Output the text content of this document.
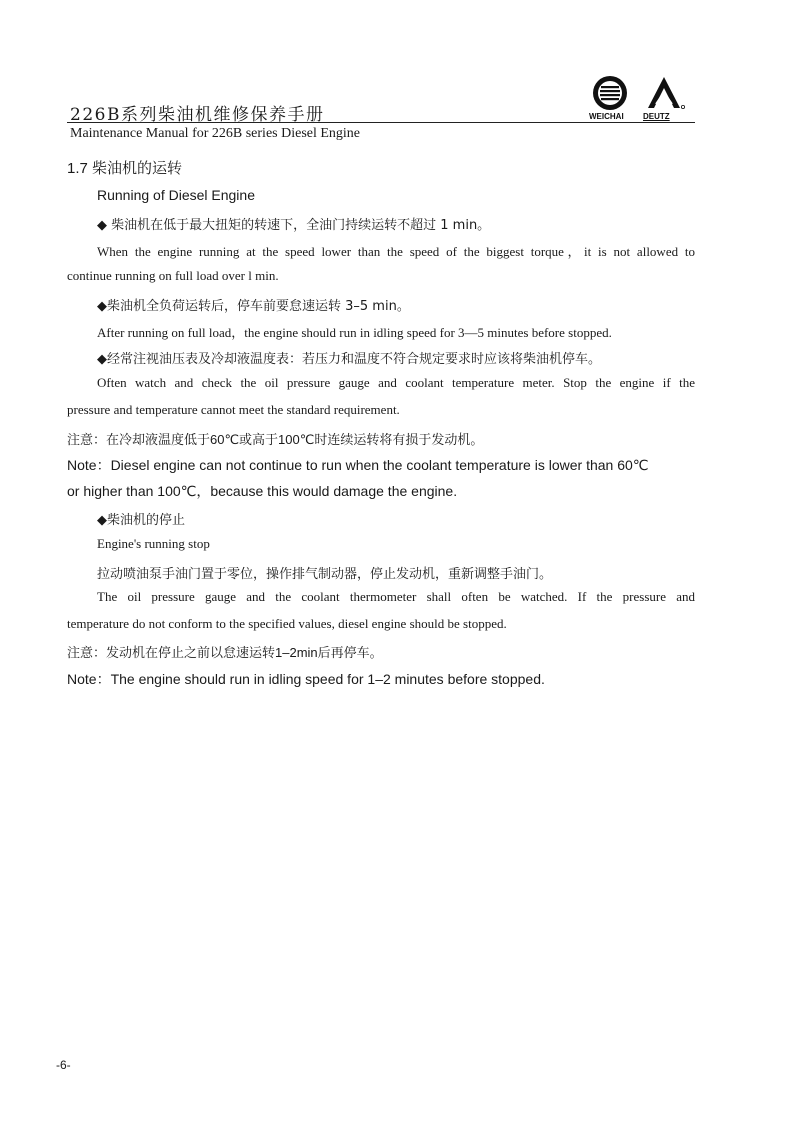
226B系列柴油机维修保养手册
Maintenance Manual for 226B series Diesel Engine
WEICHAI DEUTZ
1.7 柴油机的运转
Running of Diesel Engine
◆ 柴油机在低于最大扭矩的转速下，全油门持续运转不超过 1 min。
When the engine running at the speed lower than the speed of the biggest torque，it is not allowed to
continue running on full load over l min.
◆柴油机全负荷运转后，停车前要怠速运转 3–5 min。
After running on full load，the engine should run in idling speed for 3—5 minutes before stopped.
◆经常注视油压表及冷却液温度表：若压力和温度不符合规定要求时应该将柴油机停车。
Often watch and check the oil pressure gauge and coolant temperature meter. Stop the engine if the
pressure and temperature cannot meet the standard requirement.
注意：在冷却液温度低于60℃或高于100℃时连续运转将有损于发动机。
Note：Diesel engine can not continue to run when the coolant temperature is lower than 60℃
or higher than 100℃，because this would damage the engine.
◆柴油机的停止
Engine's running stop
拉动喷油泵手油门置于零位，操作排气制动器，停止发动机，重新调整手油门。
The oil pressure gauge and the coolant thermometer shall often be watched. If the pressure and
temperature do not conform to the specified values, diesel engine should be stopped.
注意：发动机在停止之前以怠速运转1–2min后再停车。
Note：The engine should run in idling speed for 1–2 minutes before stopped.
-6-
